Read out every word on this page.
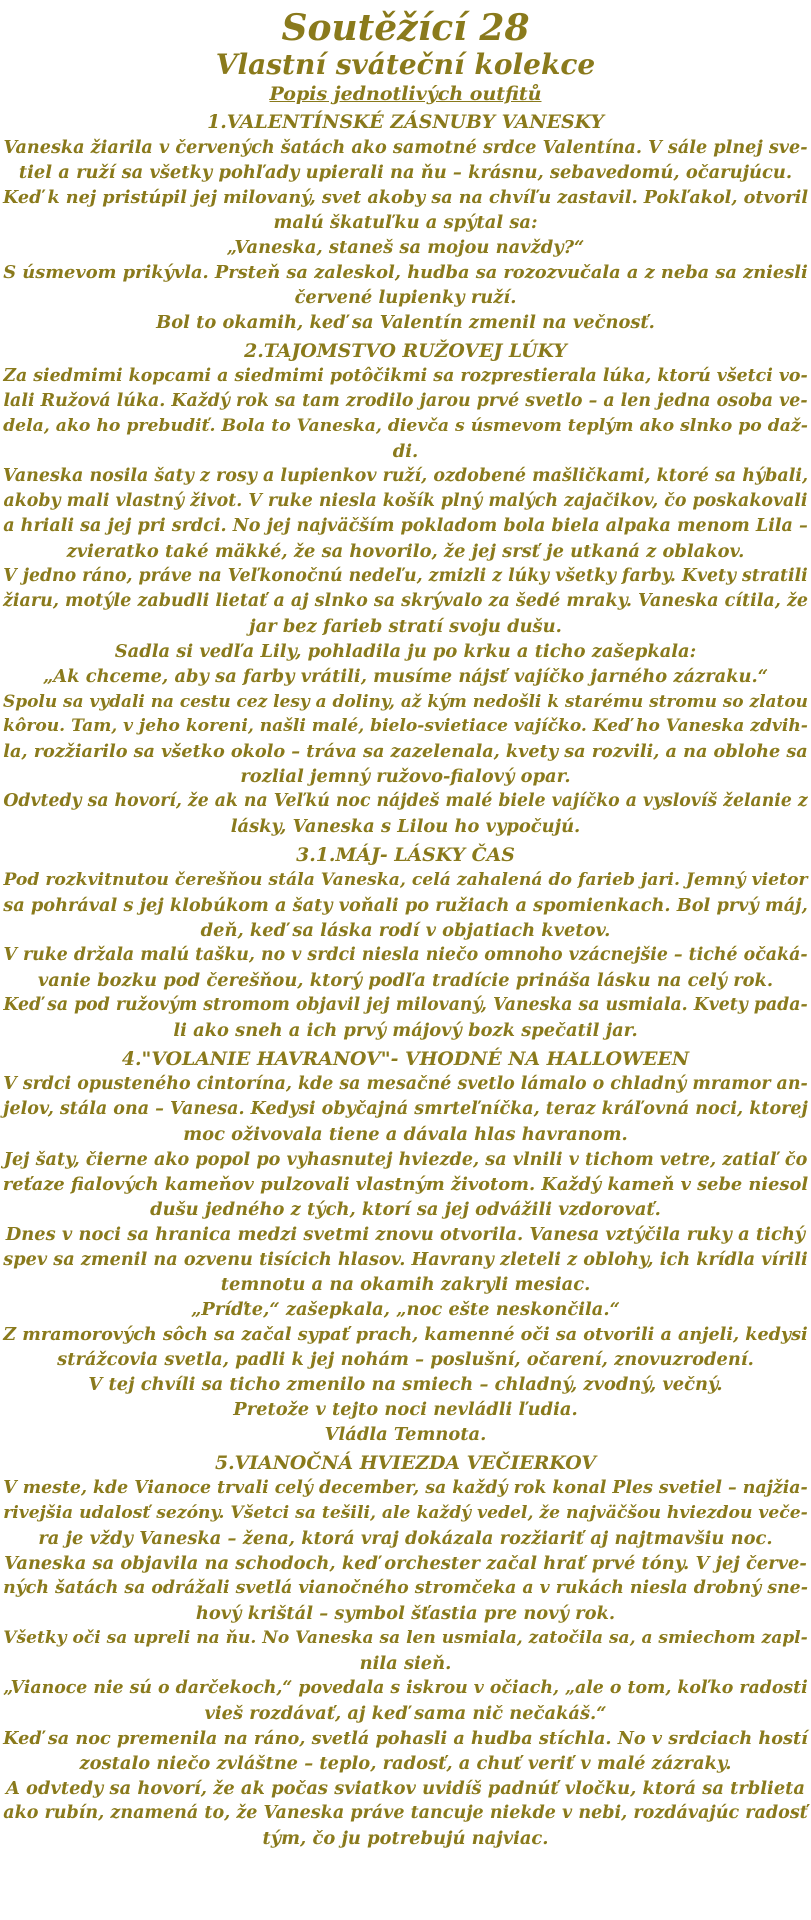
Soutěžící 28
Vlastní sváteční kolekce

Popis jednotlivých outfitů

1.VALENTÍNSKÉ ZÁSNUBY VANESKY

Vaneska žiarila v červených šatách ako samotné srdce Valentína. V sále plnej sve-

tiel a ruží sa všetky pohľady upierali na ňu – krásnu, sebavedomú, očarujúcu.

Keď k nej pristúpil jej milovaný, svet akoby sa na chvíľu zastavil. Pokľakol, otvoril

malú škatuľku a spýtal sa:

„Vaneska, staneš sa mojou navždy?“

S úsmevom prikývla. Prsteň sa zaleskol, hudba sa rozozvučala a z neba sa zniesli

červené lupienky ruží.

Bol to okamih, keď sa Valentín zmenil na večnosť.

2.TAJOMSTVO RUŽOVEJ LÚKY

Za siedmimi kopcami a siedmimi potôčikmi sa rozprestierala lúka, ktorú všetci vo-

lali Ružová lúka. Každý rok sa tam zrodilo jarou prvé svetlo – a len jedna osoba ve-

dela, ako ho prebudiť. Bola to Vaneska, dievča s úsmevom teplým ako slnko po daž-

di.

Vaneska nosila šaty z rosy a lupienkov ruží, ozdobené mašličkami, ktoré sa hýbali,

akoby mali vlastný život. V ruke niesla košík plný malých zajačikov, čo poskakovali

a hriali sa jej pri srdci. No jej najväčším pokladom bola biela alpaka menom Lila –

zvieratko také mäkké, že sa hovorilo, že jej srsť je utkaná z oblakov.

V jedno ráno, práve na Veľkonočnú nedeľu, zmizli z lúky všetky farby. Kvety stratili

žiaru, motýle zabudli lietať a aj slnko sa skrývalo za šedé mraky. Vaneska cítila, že

jar bez farieb stratí svoju dušu.

Sadla si vedľa Lily, pohladila ju po krku a ticho zašepkala:

„Ak chceme, aby sa farby vrátili, musíme nájsť vajíčko jarného zázraku.“

Spolu sa vydali na cestu cez lesy a doliny, až kým nedošli k starému stromu so zlatou

kôrou. Tam, v jeho koreni, našli malé, bielo-svietiace vajíčko. Keď ho Vaneska zdvih-

la, rozžiarilo sa všetko okolo – tráva sa zazelenala, kvety sa rozvili, a na oblohe sa

rozlial jemný ružovo-fialový opar.

Odvtedy sa hovorí, že ak na Veľkú noc nájdeš malé biele vajíčko a vyslovíš želanie z

lásky, Vaneska s Lilou ho vypočujú.

3.1.MÁJ- LÁSKY ČAS

Pod rozkvitnutou čerešňou stála Vaneska, celá zahalená do farieb jari. Jemný vietor

sa pohrával s jej klobúkom a šaty voňali po ružiach a spomienkach. Bol prvý máj,

deň, keď sa láska rodí v objatiach kvetov.

V ruke držala malú tašku, no v srdci niesla niečo omnoho vzácnejšie – tiché očaká-

vanie bozku pod čerešňou, ktorý podľa tradície prináša lásku na celý rok.

Keď sa pod ružovým stromom objavil jej milovaný, Vaneska sa usmiala. Kvety pada-

li ako sneh a ich prvý májový bozk spečatil jar.

4."VOLANIE HAVRANOV"- VHODNÉ NA HALLOWEEN

V srdci opusteného cintorína, kde sa mesačné svetlo lámalo o chladný mramor an-

jelov, stála ona – Vanesa. Kedysi obyčajná smrteľníčka, teraz kráľovná noci, ktorej

moc oživovala tiene a dávala hlas havranom.

Jej šaty, čierne ako popol po vyhasnutej hviezde, sa vlnili v tichom vetre, zatiaľ čo

reťaze fialových kameňov pulzovali vlastným životom. Každý kameň v sebe niesol

dušu jedného z tých, ktorí sa jej odvážili vzdorovať.

Dnes v noci sa hranica medzi svetmi znovu otvorila. Vanesa vztýčila ruky a tichý

spev sa zmenil na ozvenu tisícich hlasov. Havrany zleteli z oblohy, ich krídla vírili

temnotu a na okamih zakryli mesiac.

„Príďte,“ zašepkala, „noc ešte neskončila.“

Z mramorových sôch sa začal sypať prach, kamenné oči sa otvorili a anjeli, kedysi

strážcovia svetla, padli k jej nohám – poslušní, očarení, znovuzrodení.

V tej chvíli sa ticho zmenilo na smiech – chladný, zvodný, večný.

Pretože v tejto noci nevládli ľudia.

Vládla Temnota.

5.VIANOČNÁ HVIEZDA VEČIERKOV

V meste, kde Vianoce trvali celý december, sa každý rok konal Ples svetiel – najžia-

rivejšia udalosť sezóny. Všetci sa tešili, ale každý vedel, že najväčšou hviezdou veče-

ra je vždy Vaneska – žena, ktorá vraj dokázala rozžiariť aj najtmavšiu noc.

Vaneska sa objavila na schodoch, keď orchester začal hrať prvé tóny. V jej červe-

ných šatách sa odrážali svetlá vianočného stromčeka a v rukách niesla drobný sne-

hový krištál – symbol šťastia pre nový rok.

Všetky oči sa upreli na ňu. No Vaneska sa len usmiala, zatočila sa, a smiechom zapl-

nila sieň.

„Vianoce nie sú o darčekoch,“ povedala s iskrou v očiach, „ale o tom, koľko radosti

vieš rozdávať, aj keď sama nič nečakáš.“

Keď sa noc premenila na ráno, svetlá pohasli a hudba stíchla. No v srdciach hostí

zostalo niečo zvláštne – teplo, radosť, a chuť veriť v malé zázraky.

A odvtedy sa hovorí, že ak počas sviatkov uvidíš padnúť vločku, ktorá sa trblieta

ako rubín, znamená to, že Vaneska práve tancuje niekde v nebi, rozdávajúc radosť

tým, čo ju potrebujú najviac.
